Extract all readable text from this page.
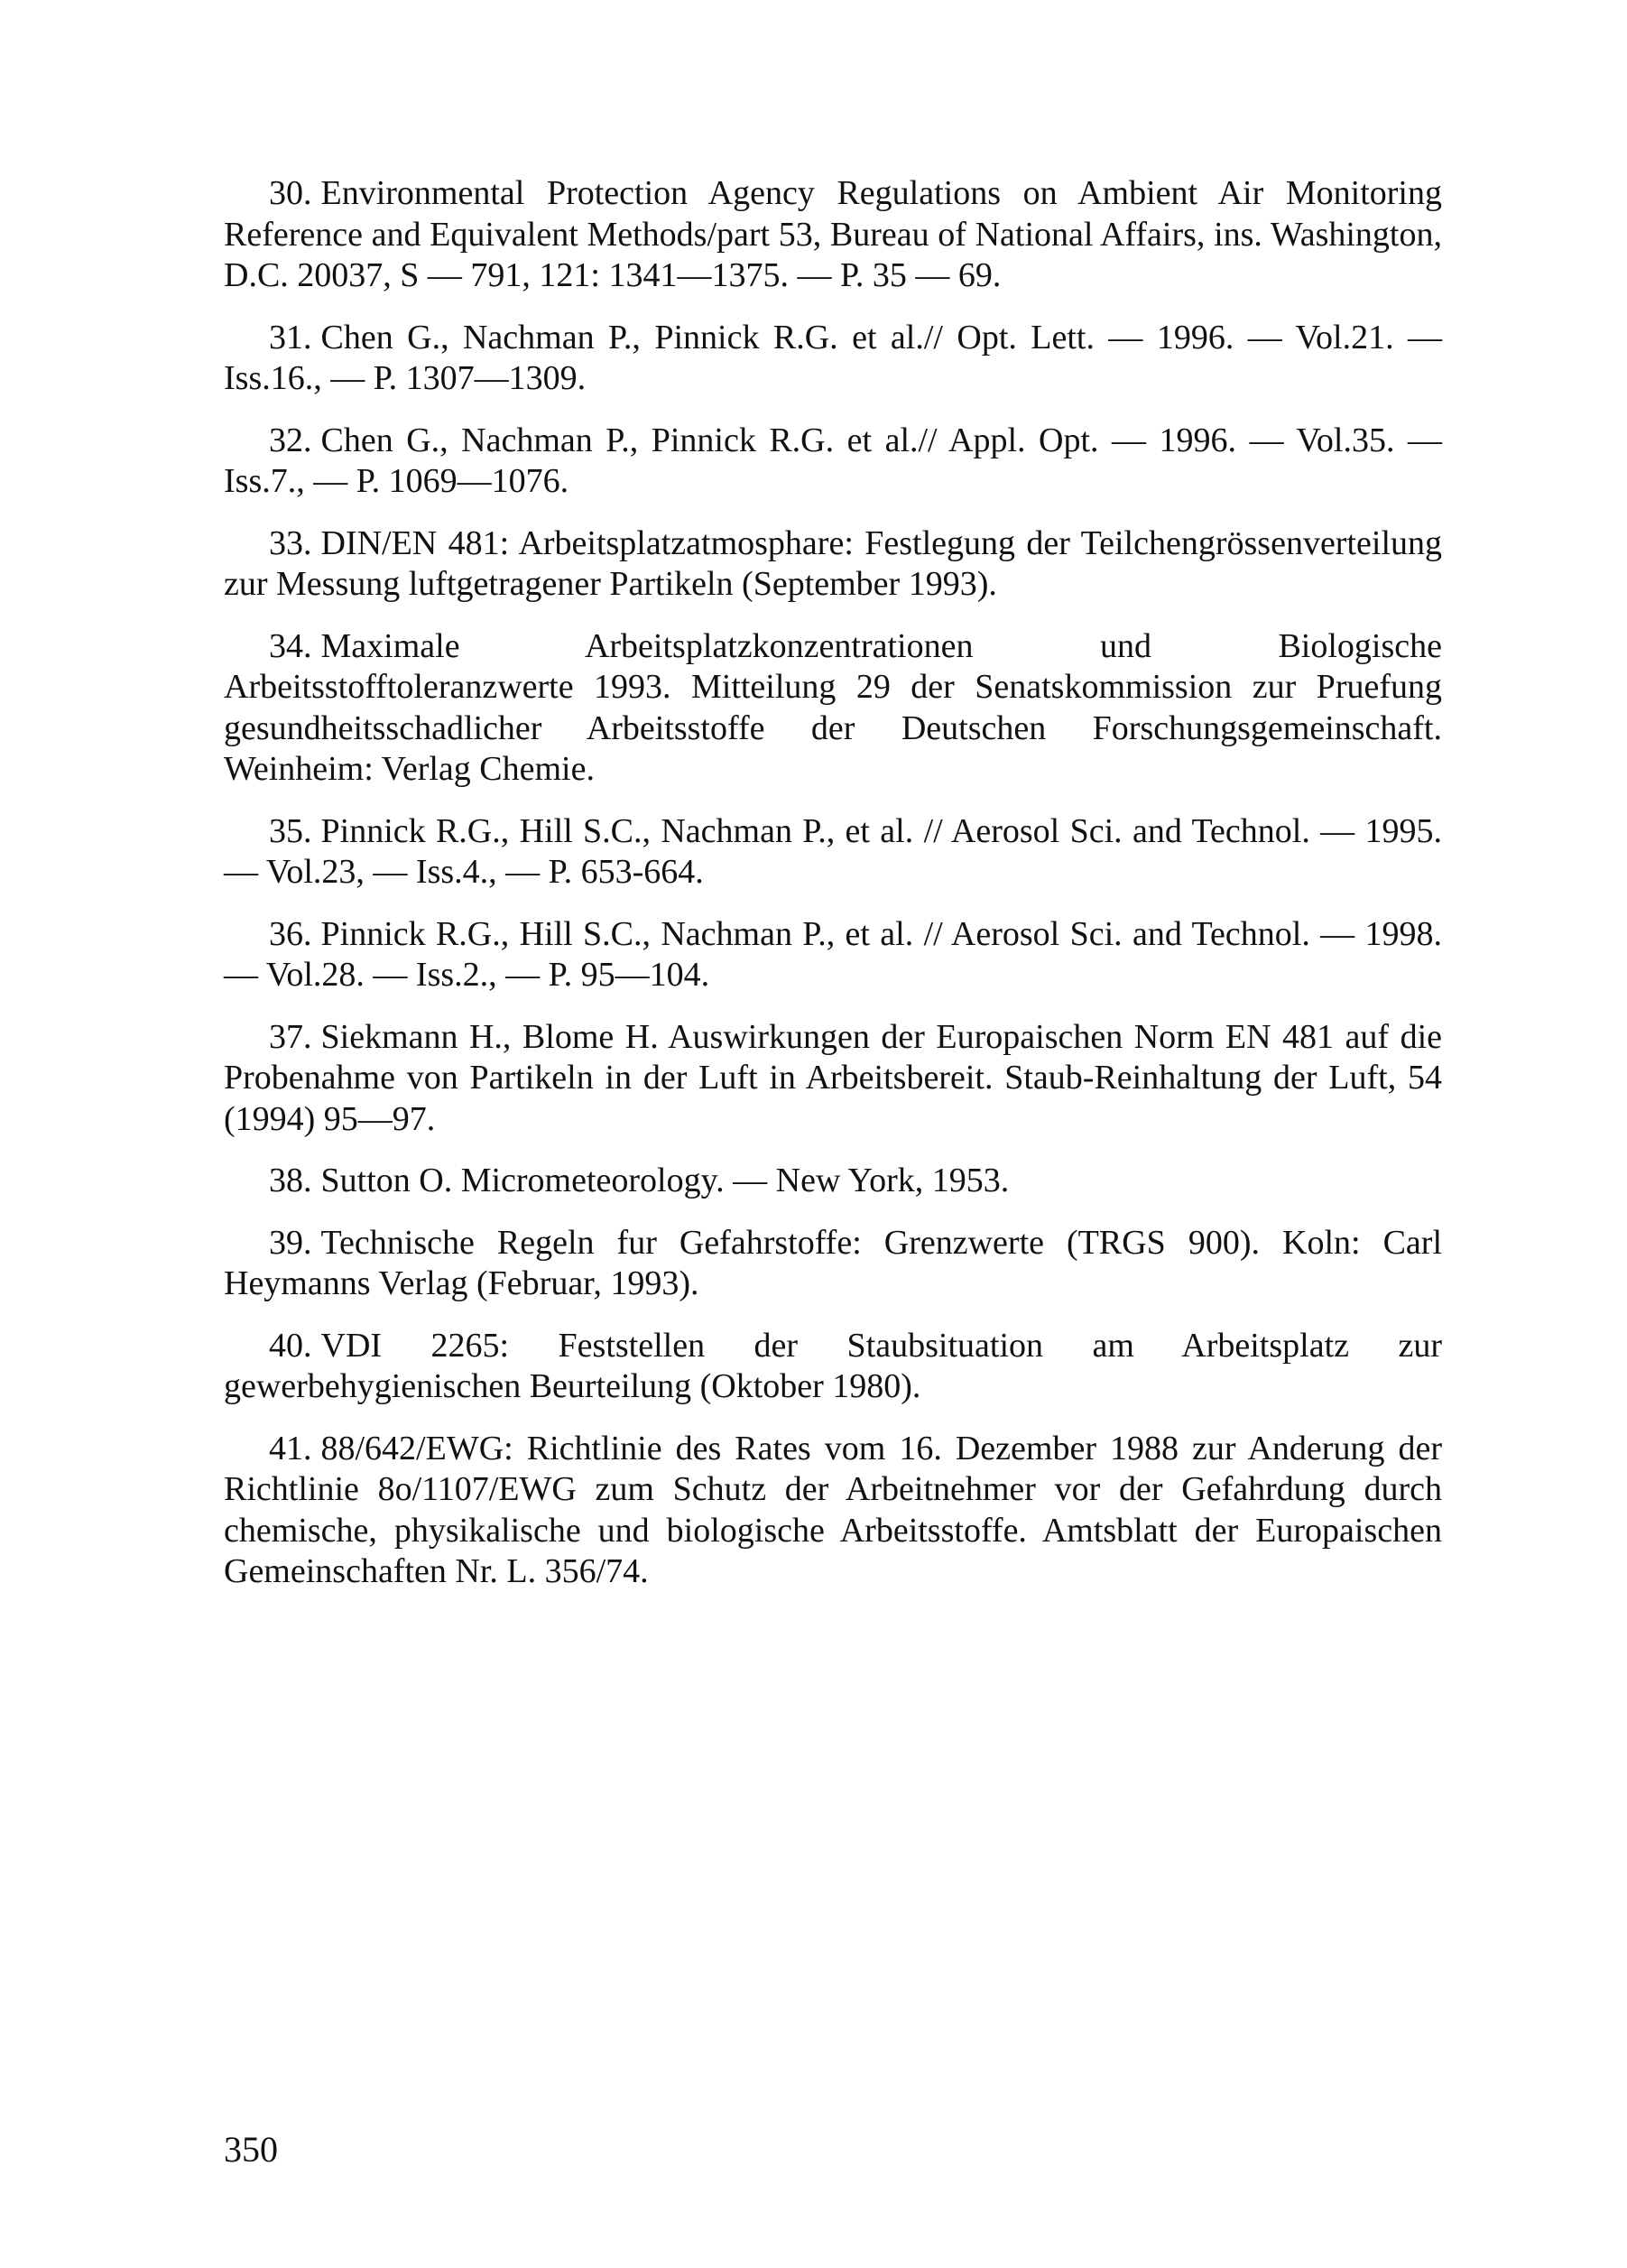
30. Environmental Protection Agency Regulations on Ambient Air Monitoring Reference and Equivalent Methods/part 53, Bureau of National Affairs, ins. Washington, D.C. 20037, S — 791, 121: 1341—1375. — P. 35 — 69.
31. Chen G., Nachman P., Pinnick R.G. et al.// Opt. Lett. — 1996. — Vol.21. — Iss.16., — P. 1307—1309.
32. Chen G., Nachman P., Pinnick R.G. et al.// Appl. Opt. — 1996. — Vol.35. — Iss.7., — P. 1069—1076.
33. DIN/EN 481: Arbeitsplatzatmosphare: Festlegung der Teilchengrössenverteilung zur Messung luftgetragener Partikeln (September 1993).
34. Maximale Arbeitsplatzkonzentrationen und Biologische Arbeitsstofftoleranzwerte 1993. Mitteilung 29 der Senatskommission zur Pruefung gesundheitsschadlicher Arbeitsstoffe der Deutschen Forschungsgemeinschaft. Weinheim: Verlag Chemie.
35. Pinnick R.G., Hill S.C., Nachman P., et al. // Aerosol Sci. and Technol. — 1995. — Vol.23, — Iss.4., — P. 653-664.
36. Pinnick R.G., Hill S.C., Nachman P., et al. // Aerosol Sci. and Technol. — 1998. — Vol.28. — Iss.2., — P. 95—104.
37. Siekmann H., Blome H. Auswirkungen der Europaischen Norm EN 481 auf die Probenahme von Partikeln in der Luft in Arbeitsbereit. Staub-Reinhaltung der Luft, 54 (1994) 95—97.
38. Sutton O. Micrometeorology. — New York, 1953.
39. Technische Regeln fur Gefahrstoffe: Grenzwerte (TRGS 900). Koln: Carl Heymanns Verlag (Februar, 1993).
40. VDI 2265: Feststellen der Staubsituation am Arbeitsplatz zur gewerbehygienischen Beurteilung (Oktober 1980).
41. 88/642/EWG: Richtlinie des Rates vom 16. Dezember 1988 zur Anderung der Richtlinie 8o/1107/EWG zum Schutz der Arbeitnehmer vor der Gefahrdung durch chemische, physikalische und biologische Arbeitsstoffe. Amtsblatt der Europaischen Gemeinschaften Nr. L. 356/74.
350
